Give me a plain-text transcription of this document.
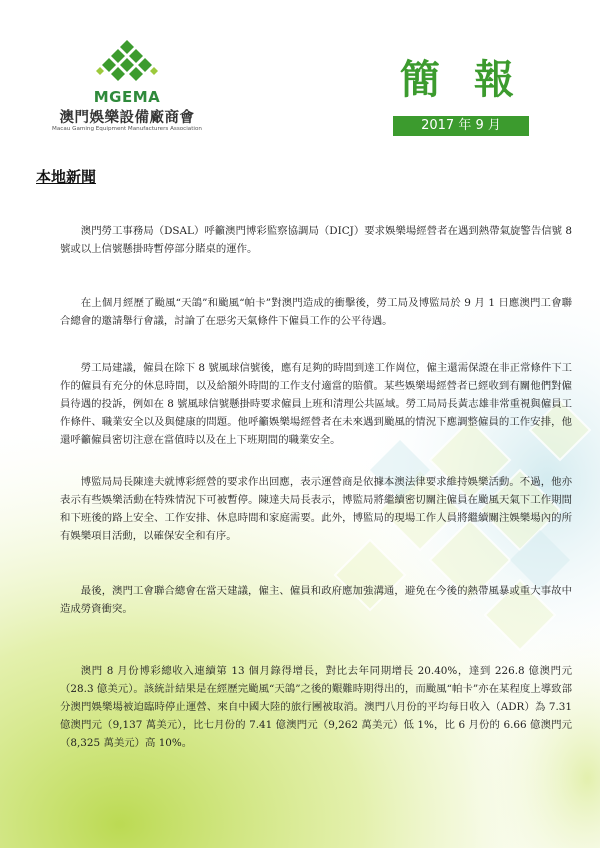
MGEMA
澳門娛樂設備廠商會
Macau Gaming Equipment Manufacturers Association
簡 報
2017 年 9 月
本地新聞

澳門勞工事務局（DSAL）呼籲澳門博彩監察協調局（DICJ）要求娛樂場經營者在遇到熱帶氣旋警告信號 8 號或以上信號懸掛時暫停部分賭桌的運作。

在上個月經歷了颱風“天鴿”和颱風“帕卡”對澳門造成的衝擊後，勞工局及博監局於 9 月 1 日應澳門工會聯合總會的邀請舉行會議，討論了在惡劣天氣條件下僱員工作的公平待遇。

勞工局建議，僱員在除下 8 號風球信號後，應有足夠的時間到達工作崗位，僱主還需保證在非正常條件下工作的僱員有充分的休息時間，以及給額外時間的工作支付適當的賠償。某些娛樂場經營者已經收到有關他們對僱員待遇的投訴，例如在 8 號風球信號懸掛時要求僱員上班和清理公共區域。勞工局局長黃志雄非常重視與僱員工作條件、職業安全以及與健康的問題。他呼籲娛樂場經營者在未來遇到颱風的情況下應調整僱員的工作安排，他還呼籲僱員密切注意在當值時以及在上下班期間的職業安全。

博監局局長陳達夫就博彩經營的要求作出回應，表示運營商是依據本澳法律要求維持娛樂活動。不過，他亦表示有些娛樂活動在特殊情況下可被暫停。陳達夫局長表示，博監局將繼續密切關注僱員在颱風天氣下工作期間和下班後的路上安全、工作安排、休息時間和家庭需要。此外，博監局的現場工作人員將繼續關注娛樂場內的所有娛樂項目活動，以確保安全和有序。

最後，澳門工會聯合總會在當天建議，僱主、僱員和政府應加強溝通，避免在今後的熱帶風暴或重大事故中造成勞資衝突。

澳門 8 月份博彩總收入連續第 13 個月錄得增長，對比去年同期增長 20.40%，達到 226.8 億澳門元（28.3 億美元）。該統計結果是在經歷完颱風“天鴿”之後的艱難時期得出的，而颱風“帕卡”亦在某程度上導致部分澳門娛樂場被迫臨時停止運營、來自中國大陸的旅行團被取消。澳門八月份的平均每日收入（ADR）為 7.31 億澳門元（9,137 萬美元），比七月份的 7.41 億澳門元（9,262 萬美元）低 1%，比 6 月份的 6.66 億澳門元（8,325 萬美元）高 10%。
